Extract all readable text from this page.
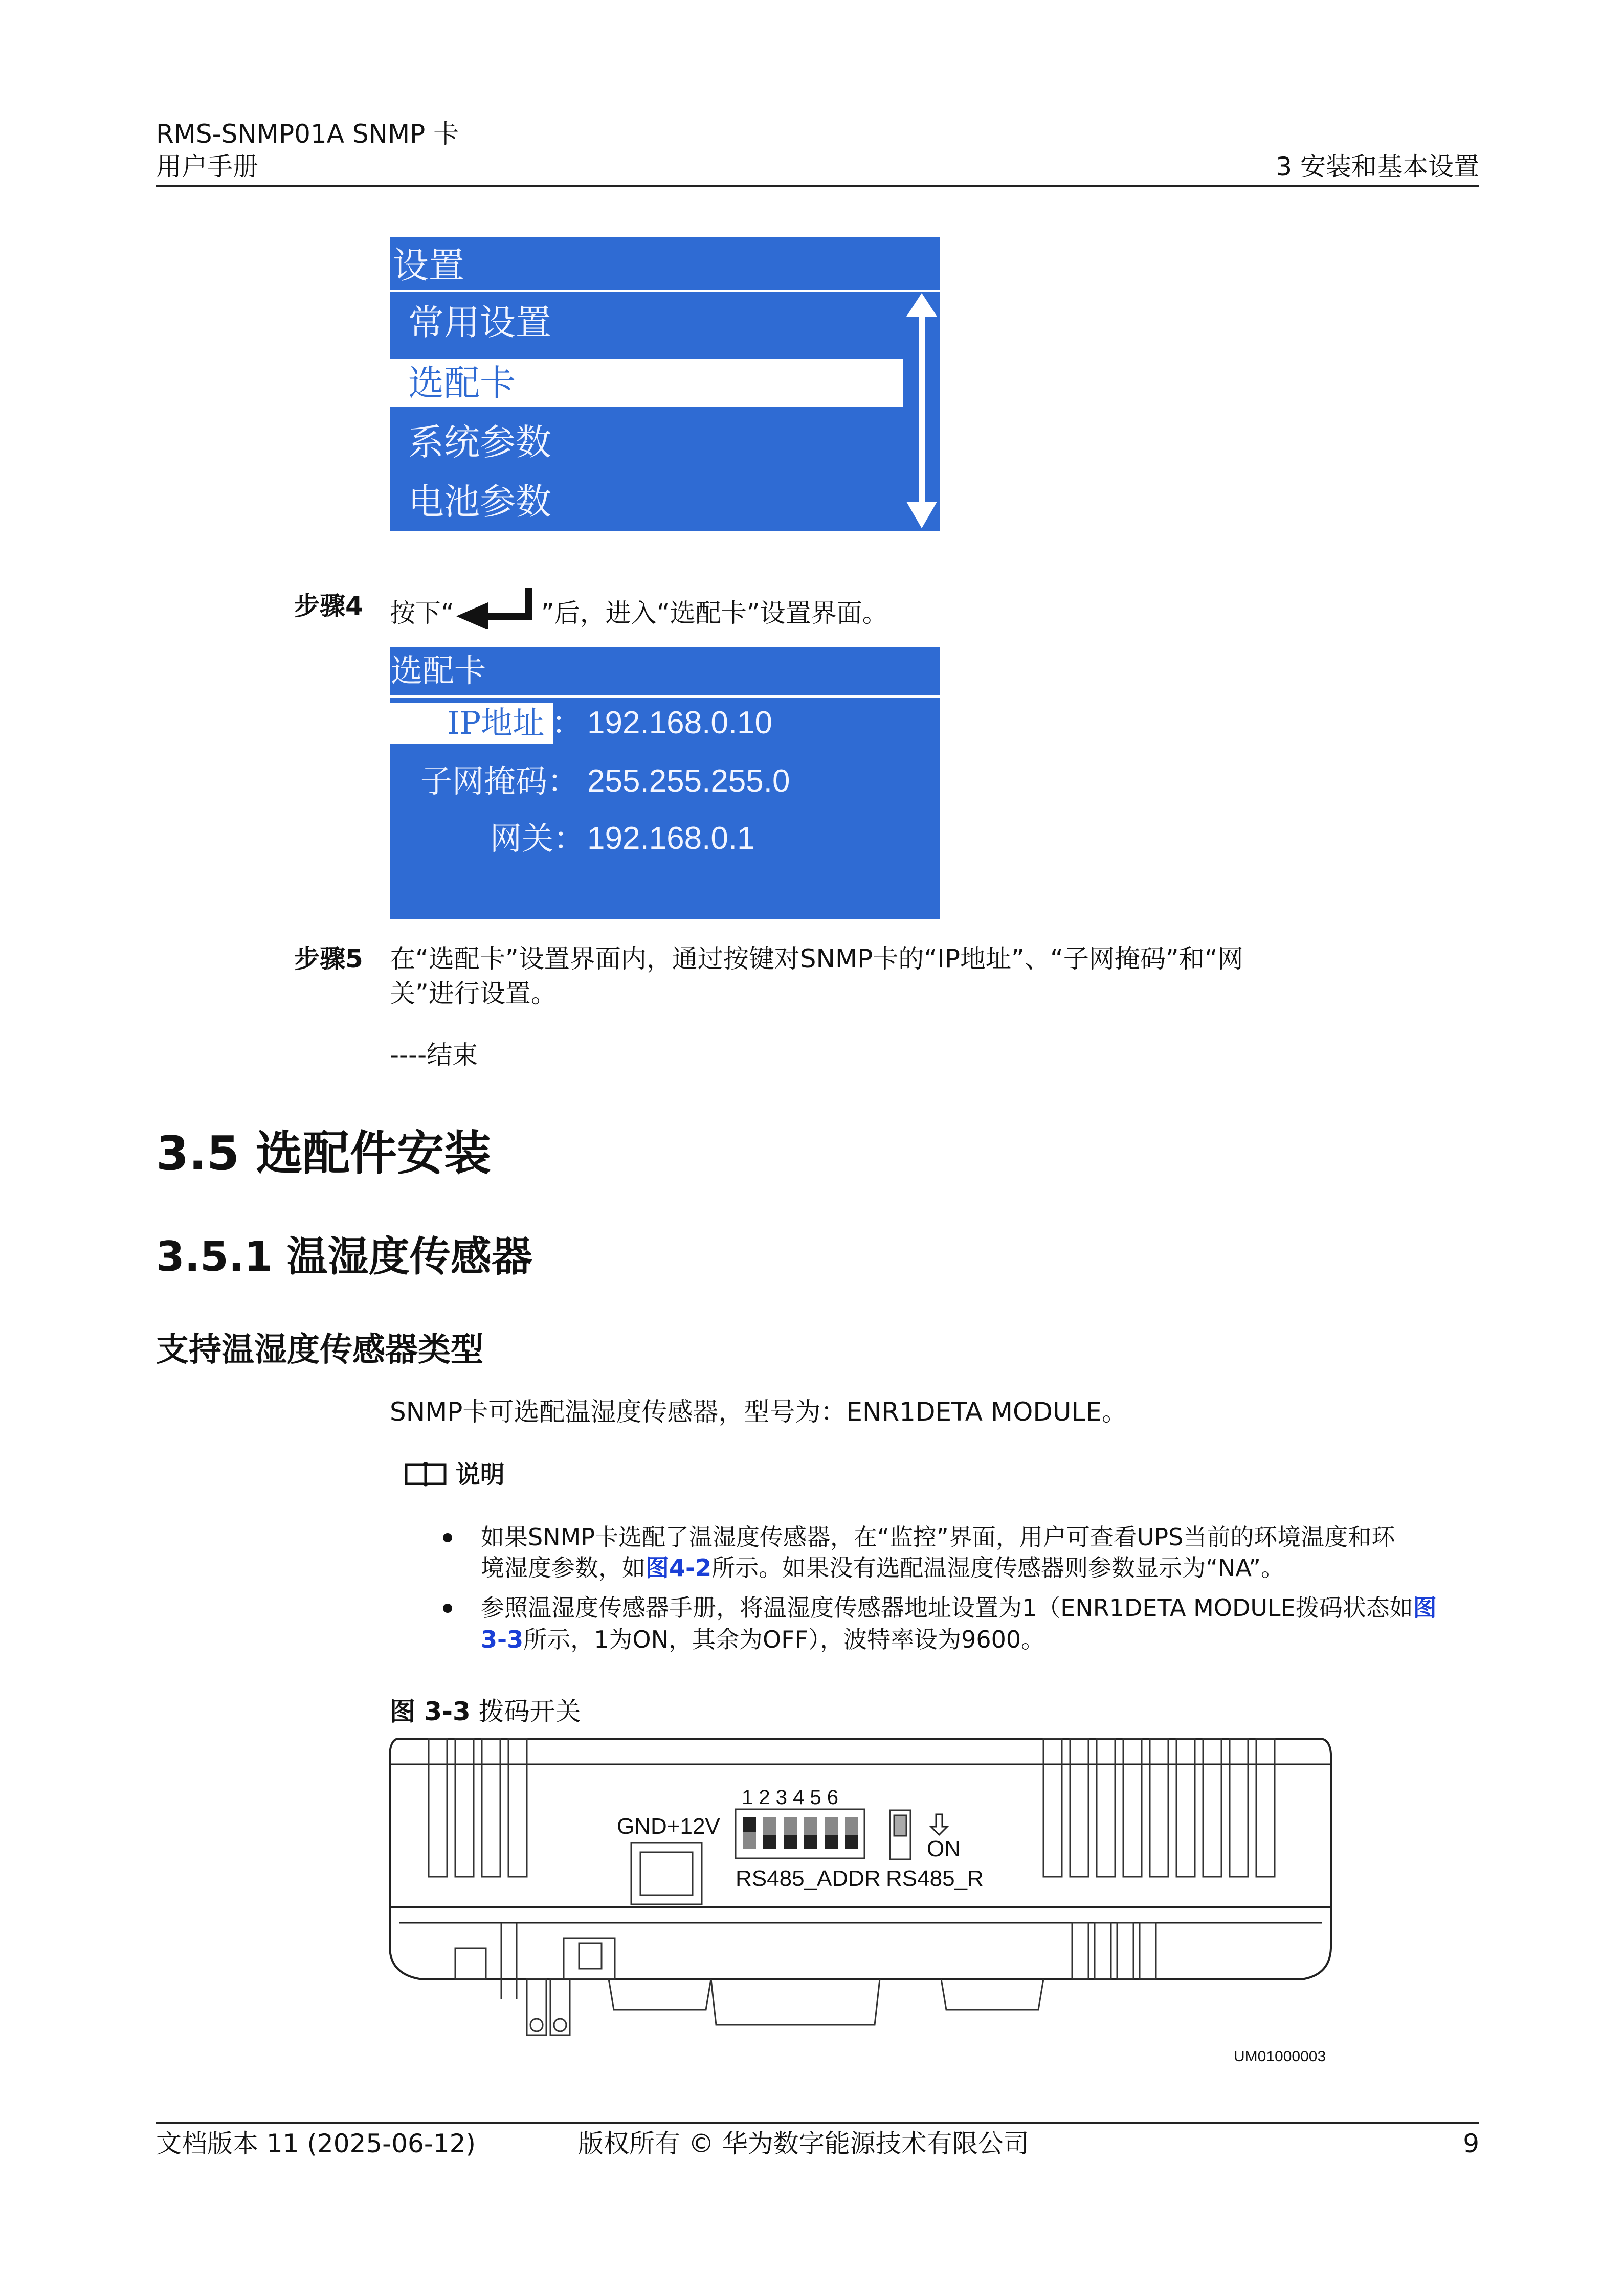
RMS-SNMP01A SNMP 卡
用户手册	3 安装和基本设置
设置
常用设置
选配卡
系统参数
电池参数
步骤4 按下“	”后，进入“选配卡”设置界面。
选配卡
IP地址 ： 192.168.0.10
子网掩码： 255.255.255.0
网关： 192.168.0.1
步骤5 在“选配卡”设置界面内，通过按键对SNMP卡的“IP地址”、“子网掩码”和“网
关”进行设置。
----结束
3.5 选配件安装
3.5.1 温湿度传感器
支持温湿度传感器类型
SNMP卡可选配温湿度传感器，型号为：ENR1DETA MODULE。
说明
如果SNMP卡选配了温湿度传感器，在“监控”界面，用户可查看UPS当前的环境温度和环
境湿度参数，如图4-2所示。如果没有选配温湿度传感器则参数显示为“NA”。
参照温湿度传感器手册，将温湿度传感器地址设置为1（ENR1DETA MODULE拨码状态如图
3-3所示，1为ON，其余为OFF），波特率设为9600。
图 3-3 拨码开关
1 2 3 4 5 6
GND+12V
ON
RS485_ADDR RS485_R
UM01000003
文档版本 11 (2025-06-12)	版权所有 © 华为数字能源技术有限公司	9
